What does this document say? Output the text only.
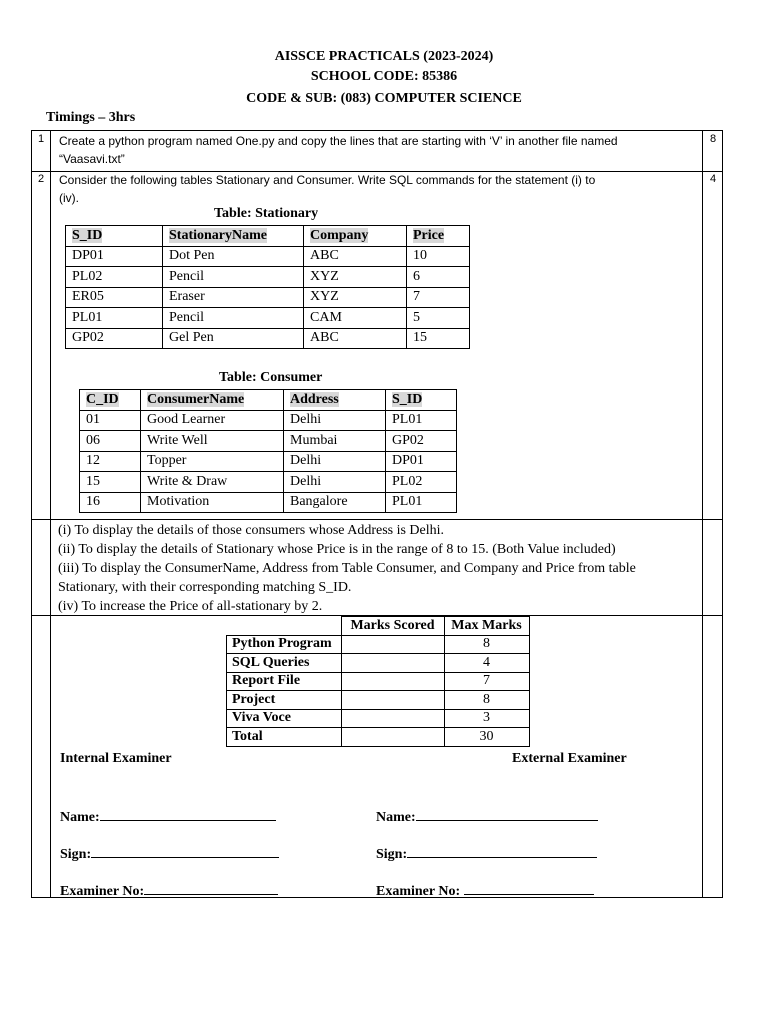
AISSCE PRACTICALS (2023-2024)
SCHOOL CODE: 85386
CODE & SUB: (083) COMPUTER SCIENCE
Timings – 3hrs
1	Create a python program named One.py and copy the lines that are starting with ‘V’ in another file named
“Vaasavi.txt”
8
2	Consider the following tables Stationary and Consumer. Write SQL commands for the statement (i) to
(iv).
4
Table: Stationary
S_ID	StationaryName	Company	Price
DP01	Dot Pen	ABC	10
PL02	Pencil	XYZ	6
ER05	Eraser	XYZ	7
PL01	Pencil	CAM	5
GP02	Gel Pen	ABC	15
Table: Consumer
C_ID	ConsumerName	Address	S_ID
01	Good Learner	Delhi	PL01
06	Write Well	Mumbai	GP02
12	Topper	Delhi	DP01
15	Write & Draw	Delhi	PL02
16	Motivation	Bangalore	PL01
(i) To display the details of those consumers whose Address is Delhi.
(ii) To display the details of Stationary whose Price is in the range of 8 to 15. (Both Value included)
(iii) To display the ConsumerName, Address from Table Consumer, and Company and Price from table
Stationary, with their corresponding matching S_ID.
(iv) To increase the Price of all-stationary by 2.
	Marks Scored	Max Marks
Python Program		8
SQL Queries		4
Report File		7
Project		8
Viva Voce		3
Total		30
Internal Examiner	External Examiner
Name:	Name:
Sign:	Sign:
Examiner No:	Examiner No:
